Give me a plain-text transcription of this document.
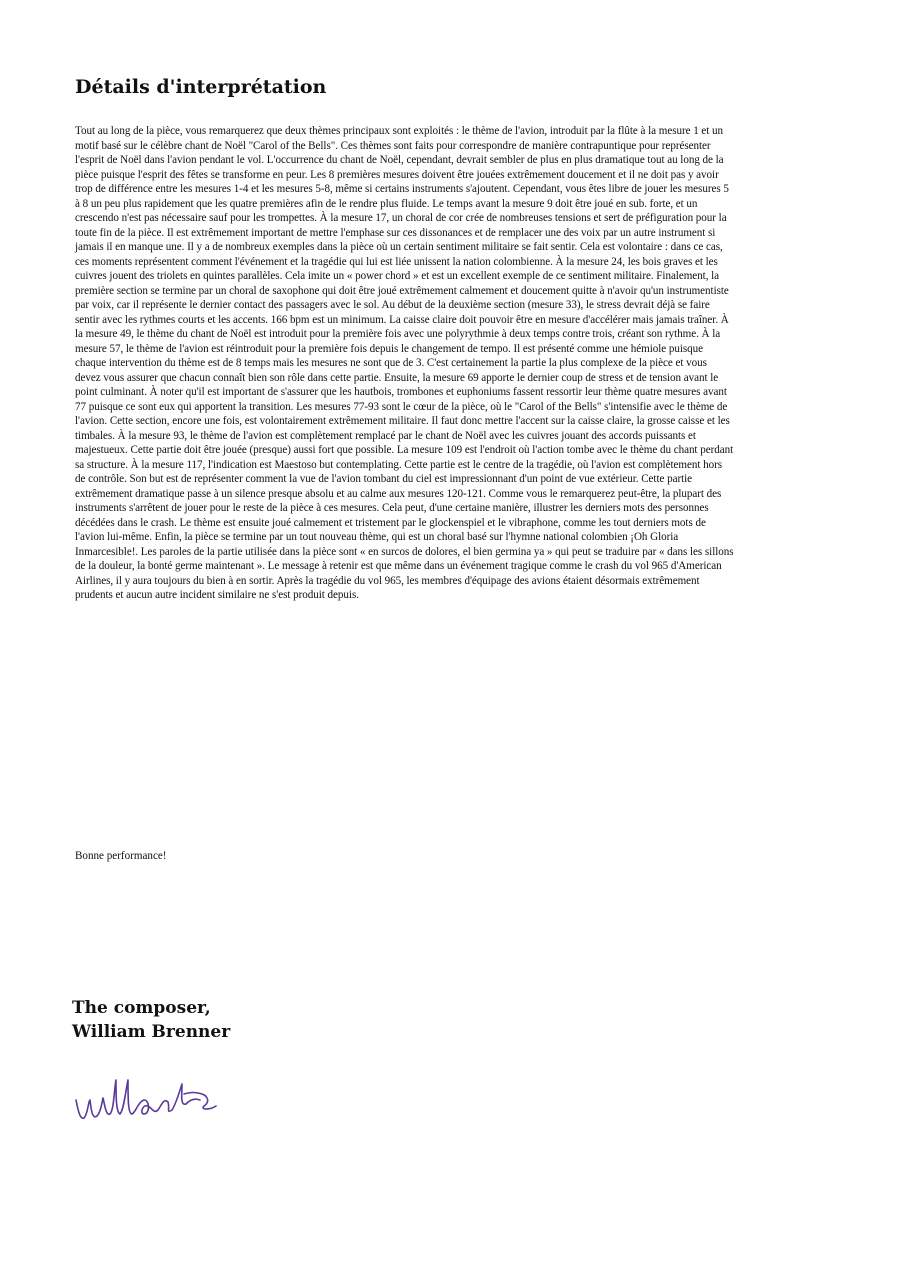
Détails d'interprétation

Tout au long de la pièce, vous remarquerez que deux thèmes principaux sont exploités : le thème de l'avion, introduit par la flûte à la mesure 1 et un motif basé sur le célèbre chant de Noël "Carol of the Bells". Ces thèmes sont faits pour correspondre de manière contrapuntique pour représenter l'esprit de Noël dans l'avion pendant le vol. L'occurrence du chant de Noël, cependant, devrait sembler de plus en plus dramatique tout au long de la pièce puisque l'esprit des fêtes se transforme en peur. Les 8 premières mesures doivent être jouées extrêmement doucement et il ne doit pas y avoir trop de différence entre les mesures 1-4 et les mesures 5-8, même si certains instruments s'ajoutent. Cependant, vous êtes libre de jouer les mesures 5 à 8 un peu plus rapidement que les quatre premières afin de le rendre plus fluide. Le temps avant la mesure 9 doit être joué en sub. forte, et un crescendo n'est pas nécessaire sauf pour les trompettes. À la mesure 17, un choral de cor crée de nombreuses tensions et sert de préfiguration pour la toute fin de la pièce. Il est extrêmement important de mettre l'emphase sur ces dissonances et de remplacer une des voix par un autre instrument si jamais il en manque une. Il y a de nombreux exemples dans la pièce où un certain sentiment militaire se fait sentir. Cela est volontaire : dans ce cas, ces moments représentent comment l'événement et la tragédie qui lui est liée unissent la nation colombienne. À la mesure 24, les bois graves et les cuivres jouent des triolets en quintes parallèles. Cela imite un « power chord » et est un excellent exemple de ce sentiment militaire. Finalement, la première section se termine par un choral de saxophone qui doit être joué extrêmement calmement et doucement quitte à n'avoir qu'un instrumentiste par voix, car il représente le dernier contact des passagers avec le sol. Au début de la deuxième section (mesure 33), le stress devrait déjà se faire sentir avec les rythmes courts et les accents. 166 bpm est un minimum. La caisse claire doit pouvoir être en mesure d'accélérer mais jamais traîner. À la mesure 49, le thème du chant de Noël est introduit pour la première fois avec une polyrythmie à deux temps contre trois, créant son rythme. À la mesure 57, le thème de l'avion est réintroduit pour la première fois depuis le changement de tempo. Il est présenté comme une hémiole puisque chaque intervention du thème est de 8 temps mais les mesures ne sont que de 3. C'est certainement la partie la plus complexe de la pièce et vous devez vous assurer que chacun connaît bien son rôle dans cette partie. Ensuite, la mesure 69 apporte le dernier coup de stress et de tension avant le point culminant. À noter qu'il est important de s'assurer que les hautbois, trombones et euphoniums fassent ressortir leur thème quatre mesures avant 77 puisque ce sont eux qui apportent la transition. Les mesures 77-93 sont le cœur de la pièce, où le "Carol of the Bells" s'intensifie avec le thème de l'avion. Cette section, encore une fois, est volontairement extrêmement militaire. Il faut donc mettre l'accent sur la caisse claire, la grosse caisse et les timbales. À la mesure 93, le thème de l'avion est complètement remplacé par le chant de Noël avec les cuivres jouant des accords puissants et majestueux. Cette partie doit être jouée (presque) aussi fort que possible. La mesure 109 est l'endroit où l'action tombe avec le thème du chant perdant sa structure. À la mesure 117, l'indication est Maestoso but contemplating. Cette partie est le centre de la tragédie, où l'avion est complètement hors de contrôle. Son but est de représenter comment la vue de l'avion tombant du ciel est impressionnant d'un point de vue extérieur. Cette partie extrêmement dramatique passe à un silence presque absolu et au calme aux mesures 120-121. Comme vous le remarquerez peut-être, la plupart des instruments s'arrêtent de jouer pour le reste de la pièce à ces mesures. Cela peut, d'une certaine manière, illustrer les derniers mots des personnes décédées dans le crash. Le thème est ensuite joué calmement et tristement par le glockenspiel et le vibraphone, comme les tout derniers mots de l'avion lui-même. Enfin, la pièce se termine par un tout nouveau thème, qui est un choral basé sur l'hymne national colombien ¡Oh Gloria Inmarcesible!. Les paroles de la partie utilisée dans la pièce sont « en surcos de dolores, el bien germina ya » qui peut se traduire par « dans les sillons de la douleur, la bonté germe maintenant ». Le message à retenir est que même dans un événement tragique comme le crash du vol 965 d'American Airlines, il y aura toujours du bien à en sortir. Après la tragédie du vol 965, les membres d'équipage des avions étaient désormais extrêmement prudents et aucun autre incident similaire ne s'est produit depuis.

Bonne performance!

The composer,
William Brenner
